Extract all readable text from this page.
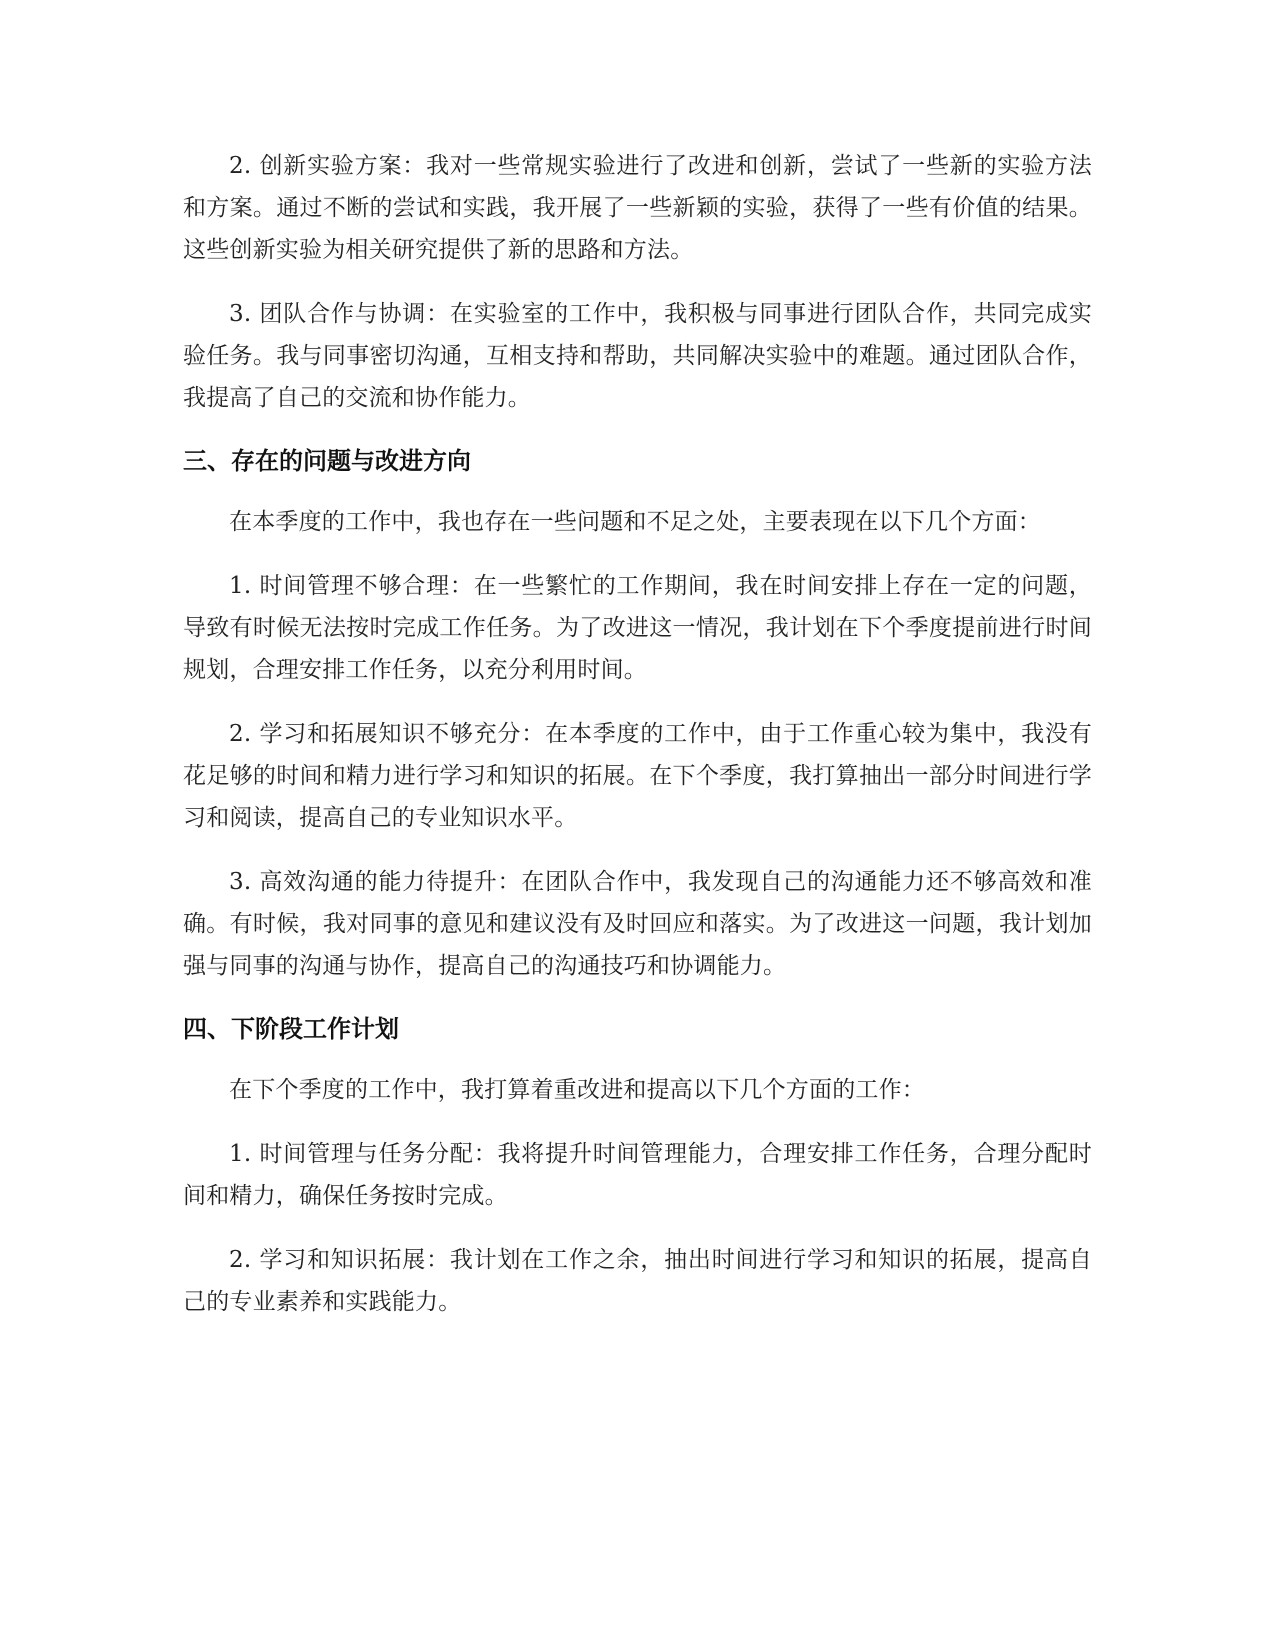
2. 创新实验方案：我对一些常规实验进行了改进和创新，尝试了一些新的实验方法和方案。通过不断的尝试和实践，我开展了一些新颖的实验，获得了一些有价值的结果。这些创新实验为相关研究提供了新的思路和方法。

3. 团队合作与协调：在实验室的工作中，我积极与同事进行团队合作，共同完成实验任务。我与同事密切沟通，互相支持和帮助，共同解决实验中的难题。通过团队合作，我提高了自己的交流和协作能力。

三、存在的问题与改进方向

在本季度的工作中，我也存在一些问题和不足之处，主要表现在以下几个方面：

1. 时间管理不够合理：在一些繁忙的工作期间，我在时间安排上存在一定的问题，导致有时候无法按时完成工作任务。为了改进这一情况，我计划在下个季度提前进行时间规划，合理安排工作任务，以充分利用时间。

2. 学习和拓展知识不够充分：在本季度的工作中，由于工作重心较为集中，我没有花足够的时间和精力进行学习和知识的拓展。在下个季度，我打算抽出一部分时间进行学习和阅读，提高自己的专业知识水平。

3. 高效沟通的能力待提升：在团队合作中，我发现自己的沟通能力还不够高效和准确。有时候，我对同事的意见和建议没有及时回应和落实。为了改进这一问题，我计划加强与同事的沟通与协作，提高自己的沟通技巧和协调能力。

四、下阶段工作计划

在下个季度的工作中，我打算着重改进和提高以下几个方面的工作：

1. 时间管理与任务分配：我将提升时间管理能力，合理安排工作任务，合理分配时间和精力，确保任务按时完成。

2. 学习和知识拓展：我计划在工作之余，抽出时间进行学习和知识的拓展，提高自己的专业素养和实践能力。
